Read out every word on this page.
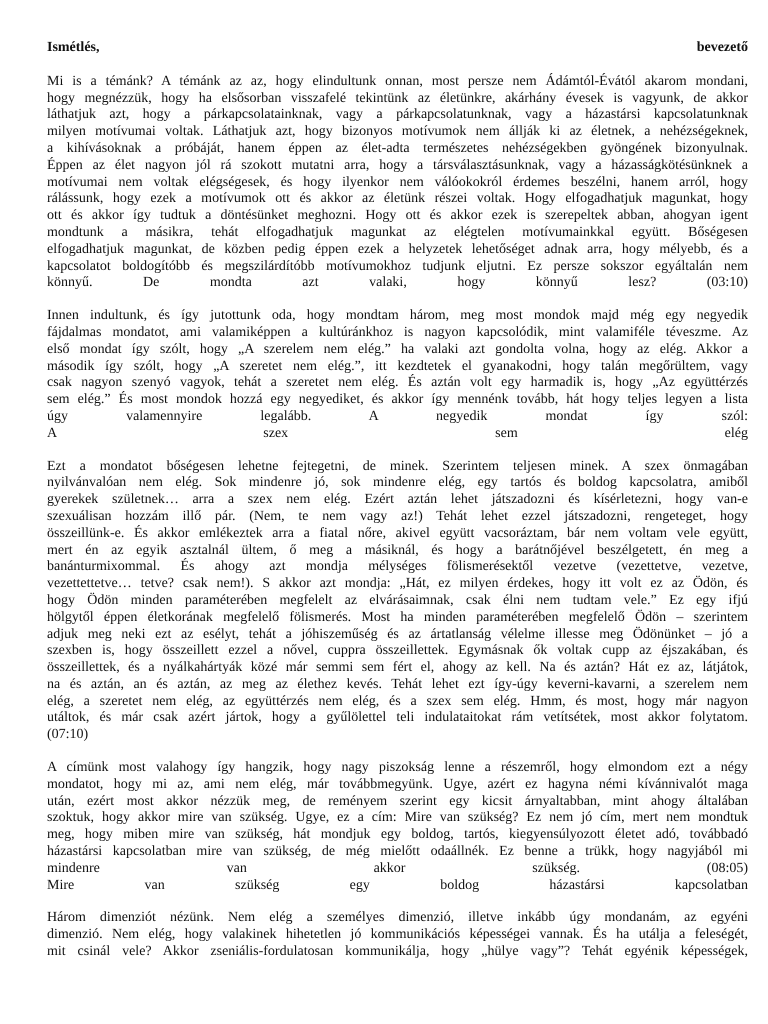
Ismétlés,	bevezető
Mi is a témánk? A témánk az az, hogy elindultunk onnan, most persze nem Ádámtól-Évától akarom mondani,
hogy megnézzük, hogy ha elsősorban visszafelé tekintünk az életünkre, akárhány évesek is vagyunk, de akkor
láthatjuk azt, hogy a párkapcsolatainknak, vagy a párkapcsolatunknak, vagy a házastársi kapcsolatunknak
milyen motívumai voltak. Láthatjuk azt, hogy bizonyos motívumok nem állják ki az életnek, a nehézségeknek,
a kihívásoknak a próbáját, hanem éppen az élet-adta természetes nehézségekben gyöngének bizonyulnak.
Éppen az élet nagyon jól rá szokott mutatni arra, hogy a társválasztásunknak, vagy a házasságkötésünknek a
motívumai nem voltak elégségesek, és hogy ilyenkor nem válóokokról érdemes beszélni, hanem arról, hogy
rálássunk, hogy ezek a motívumok ott és akkor az életünk részei voltak. Hogy elfogadhatjuk magunkat, hogy
ott és akkor így tudtuk a döntésünket meghozni. Hogy ott és akkor ezek is szerepeltek abban, ahogyan igent
mondtunk a másikra, tehát elfogadhatjuk magunkat az elégtelen motívumainkkal együtt. Bőségesen
elfogadhatjuk magunkat, de közben pedig éppen ezek a helyzetek lehetőséget adnak arra, hogy mélyebb, és a
kapcsolatot boldogítóbb és megszilárdítóbb motívumokhoz tudjunk eljutni. Ez persze sokszor egyáltalán nem
könnyű. De mondta azt valaki, hogy könnyű lesz? (03:10)
Innen indultunk, és így jutottunk oda, hogy mondtam három, meg most mondok majd még egy negyedik
fájdalmas mondatot, ami valamiképpen a kultúránkhoz is nagyon kapcsolódik, mint valamiféle téveszme. Az
első mondat így szólt, hogy „A szerelem nem elég.” ha valaki azt gondolta volna, hogy az elég. Akkor a
második így szólt, hogy „A szeretet nem elég.”, itt kezdtetek el gyanakodni, hogy talán megőrültem, vagy
csak nagyon szenyó vagyok, tehát a szeretet nem elég. És aztán volt egy harmadik is, hogy „Az együttérzés
sem elég.” És most mondok hozzá egy negyediket, és akkor így mennénk tovább, hát hogy teljes legyen a lista
úgy valamennyire legalább. A negyedik mondat így szól:
A szex sem elég
Ezt a mondatot bőségesen lehetne fejtegetni, de minek. Szerintem teljesen minek. A szex önmagában
nyilvánvalóan nem elég. Sok mindenre jó, sok mindenre elég, egy tartós és boldog kapcsolatra, amiből
gyerekek születnek… arra a szex nem elég. Ezért aztán lehet játszadozni és kísérletezni, hogy van-e
szexuálisan hozzám illő pár. (Nem, te nem vagy az!) Tehát lehet ezzel játszadozni, rengeteget, hogy
összeillünk-e. És akkor emlékeztek arra a fiatal nőre, akivel együtt vacsoráztam, bár nem voltam vele együtt,
mert én az egyik asztalnál ültem, ő meg a másiknál, és hogy a barátnőjével beszélgetett, én meg a
banánturmixommal. És ahogy azt mondja mélységes fölismerésektől vezetve (vezettetve, vezetve,
vezettettetve… tetve? csak nem!). S akkor azt mondja: „Hát, ez milyen érdekes, hogy itt volt ez az Ödön, és
hogy Ödön minden paraméterében megfelelt az elvárásaimnak, csak élni nem tudtam vele.” Ez egy ifjú
hölgytől éppen életkorának megfelelő fölismerés. Most ha minden paraméterében megfelelő Ödön – szerintem
adjuk meg neki ezt az esélyt, tehát a jóhiszeműség és az ártatlanság vélelme illesse meg Ödönünket – jó a
szexben is, hogy összeillett ezzel a nővel, cuppra összeillettek. Egymásnak ők voltak cupp az éjszakában, és
összeillettek, és a nyálkahártyák közé már semmi sem fért el, ahogy az kell. Na és aztán? Hát ez az, látjátok,
na és aztán, an és aztán, az meg az élethez kevés. Tehát lehet ezt így-úgy keverni-kavarni, a szerelem nem
elég, a szeretet nem elég, az együttérzés nem elég, és a szex sem elég. Hmm, és most, hogy már nagyon
utáltok, és már csak azért jártok, hogy a gyűlölettel teli indulataitokat rám vetítsétek, most akkor folytatom.
(07:10)
A címünk most valahogy így hangzik, hogy nagy piszokság lenne a részemről, hogy elmondom ezt a négy
mondatot, hogy mi az, ami nem elég, már továbbmegyünk. Ugye, azért ez hagyna némi kívánnivalót maga
után, ezért most akkor nézzük meg, de reményem szerint egy kicsit árnyaltabban, mint ahogy általában
szoktuk, hogy akkor mire van szükség. Ugye, ez a cím: Mire van szükség? Ez nem jó cím, mert nem mondtuk
meg, hogy miben mire van szükség, hát mondjuk egy boldog, tartós, kiegyensúlyozott életet adó, továbbadó
házastársi kapcsolatban mire van szükség, de még mielőtt odaállnék. Ez benne a trükk, hogy nagyjából mi
mindenre van akkor szükség. (08:05)
Mire van szükség egy boldog házastársi kapcsolatban
Három dimenziót nézünk. Nem elég a személyes dimenzió, illetve inkább úgy mondanám, az egyéni
dimenzió. Nem elég, hogy valakinek hihetetlen jó kommunikációs képességei vannak. És ha utálja a feleségét,
mit csinál vele? Akkor zseniális-fordulatosan kommunikálja, hogy „hülye vagy”? Tehát egyénik képességek,
